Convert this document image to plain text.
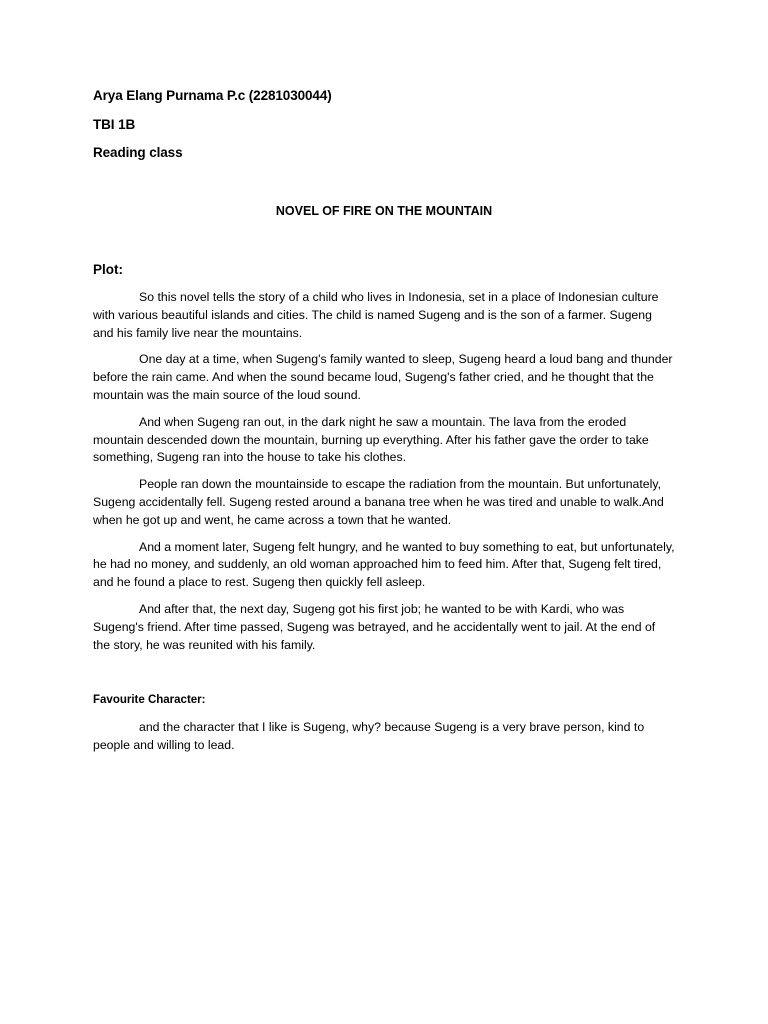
Arya Elang Purnama P.c (2281030044)
TBI 1B
Reading class
NOVEL OF FIRE ON THE MOUNTAIN
Plot:

So this novel tells the story of a child who lives in Indonesia, set in a place of Indonesian culture with various beautiful islands and cities. The child is named Sugeng and is the son of a farmer. Sugeng and his family live near the mountains.

One day at a time, when Sugeng's family wanted to sleep, Sugeng heard a loud bang and thunder before the rain came. And when the sound became loud, Sugeng's father cried, and he thought that the mountain was the main source of the loud sound.

And when Sugeng ran out, in the dark night he saw a mountain. The lava from the eroded mountain descended down the mountain, burning up everything. After his father gave the order to take something, Sugeng ran into the house to take his clothes.

People ran down the mountainside to escape the radiation from the mountain. But unfortunately, Sugeng accidentally fell. Sugeng rested around a banana tree when he was tired and unable to walk.And when he got up and went, he came across a town that he wanted.

And a moment later, Sugeng felt hungry, and he wanted to buy something to eat, but unfortunately, he had no money, and suddenly, an old woman approached him to feed him. After that, Sugeng felt tired, and he found a place to rest. Sugeng then quickly fell asleep.

And after that, the next day, Sugeng got his first job; he wanted to be with Kardi, who was Sugeng's friend. After time passed, Sugeng was betrayed, and he accidentally went to jail. At the end of the story, he was reunited with his family.

Favourite Character:

and the character that I like is Sugeng, why? because Sugeng is a very brave person, kind to people and willing to lead.
